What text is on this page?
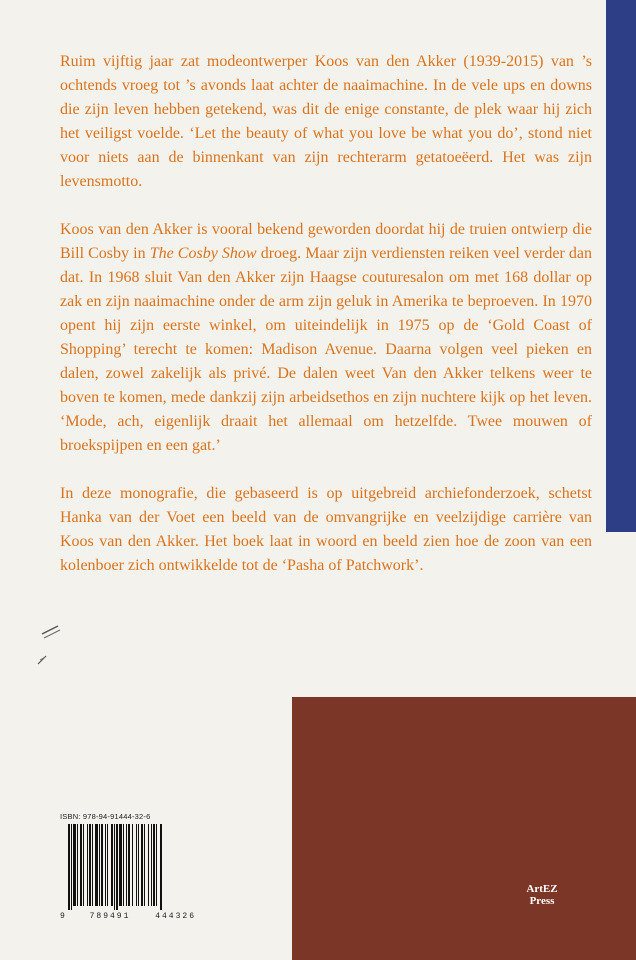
Ruim vijftig jaar zat modeontwerper Koos van den Akker (1939-2015) van ’s ochtends vroeg tot ’s avonds laat achter de naaimachine. In de vele ups en downs die zijn leven hebben getekend, was dit de enige constante, de plek waar hij zich het veiligst voelde. ‘Let the beauty of what you love be what you do’, stond niet voor niets aan de binnenkant van zijn rechterarm getatoeëerd. Het was zijn levensmotto.

Koos van den Akker is vooral bekend geworden doordat hij de truien ontwierp die Bill Cosby in The Cosby Show droeg. Maar zijn verdiensten reiken veel verder dan dat. In 1968 sluit Van den Akker zijn Haagse couturesalon om met 168 dollar op zak en zijn naaimachine onder de arm zijn geluk in Amerika te beproeven. In 1970 opent hij zijn eerste winkel, om uiteindelijk in 1975 op de ‘Gold Coast of Shopping’ terecht te komen: Madison Avenue. Daarna volgen veel pieken en dalen, zowel zakelijk als privé. De dalen weet Van den Akker telkens weer te boven te komen, mede dankzij zijn arbeidsethos en zijn nuchtere kijk op het leven. ‘Mode, ach, eigenlijk draait het allemaal om hetzelfde. Twee mouwen of broekspijpen en een gat.’

In deze monografie, die gebaseerd is op uitgebreid archiefonderzoek, schetst Hanka van der Voet een beeld van de omvangrijke en veelzijdige carrière van Koos van den Akker. Het boek laat in woord en beeld zien hoe de zoon van een kolenboer zich ontwikkelde tot de ‘Pasha of Patchwork’.

ISBN: 978-94-91444-32-6
9	789491	444326
ArtEZ
Press
